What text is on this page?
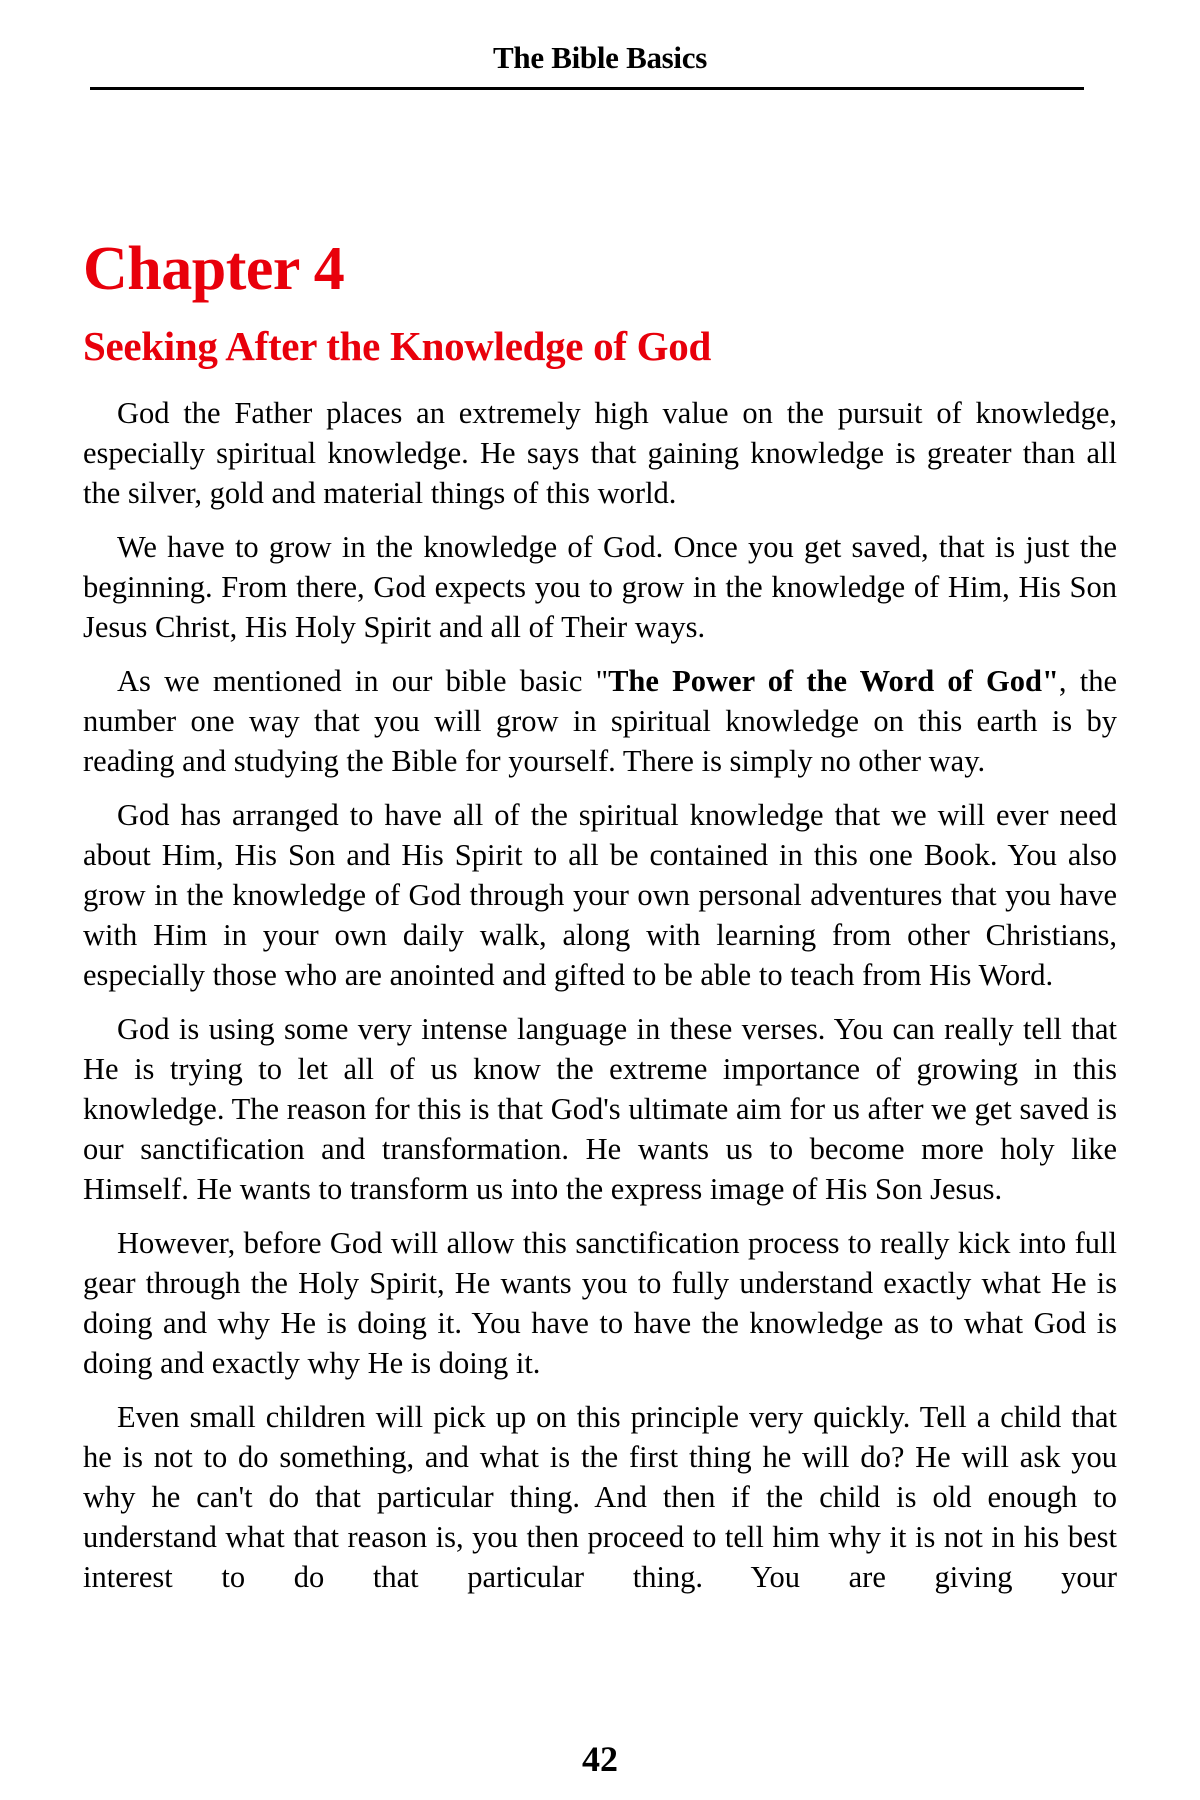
The Bible Basics
Chapter 4
Seeking After the Knowledge of God

God the Father places an extremely high value on the pursuit of knowledge, especially spiritual knowledge. He says that gaining knowledge is greater than all the silver, gold and material things of this world.

We have to grow in the knowledge of God. Once you get saved, that is just the beginning. From there, God expects you to grow in the knowledge of Him, His Son Jesus Christ, His Holy Spirit and all of Their ways.

As we mentioned in our bible basic "The Power of the Word of God", the number one way that you will grow in spiritual knowledge on this earth is by reading and studying the Bible for yourself. There is simply no other way.

God has arranged to have all of the spiritual knowledge that we will ever need about Him, His Son and His Spirit to all be contained in this one Book. You also grow in the knowledge of God through your own personal adventures that you have with Him in your own daily walk, along with learning from other Christians, especially those who are anointed and gifted to be able to teach from His Word.

God is using some very intense language in these verses. You can really tell that He is trying to let all of us know the extreme importance of growing in this knowledge. The reason for this is that God's ultimate aim for us after we get saved is our sanctification and transformation. He wants us to become more holy like Himself. He wants to transform us into the express image of His Son Jesus.

However, before God will allow this sanctification process to really kick into full gear through the Holy Spirit, He wants you to fully understand exactly what He is doing and why He is doing it. You have to have the knowledge as to what God is doing and exactly why He is doing it.

Even small children will pick up on this principle very quickly. Tell a child that he is not to do something, and what is the first thing he will do? He will ask you why he can't do that particular thing. And then if the child is old enough to understand what that reason is, you then proceed to tell him why it is not in his best interest to do that particular thing. You are giving your

42
